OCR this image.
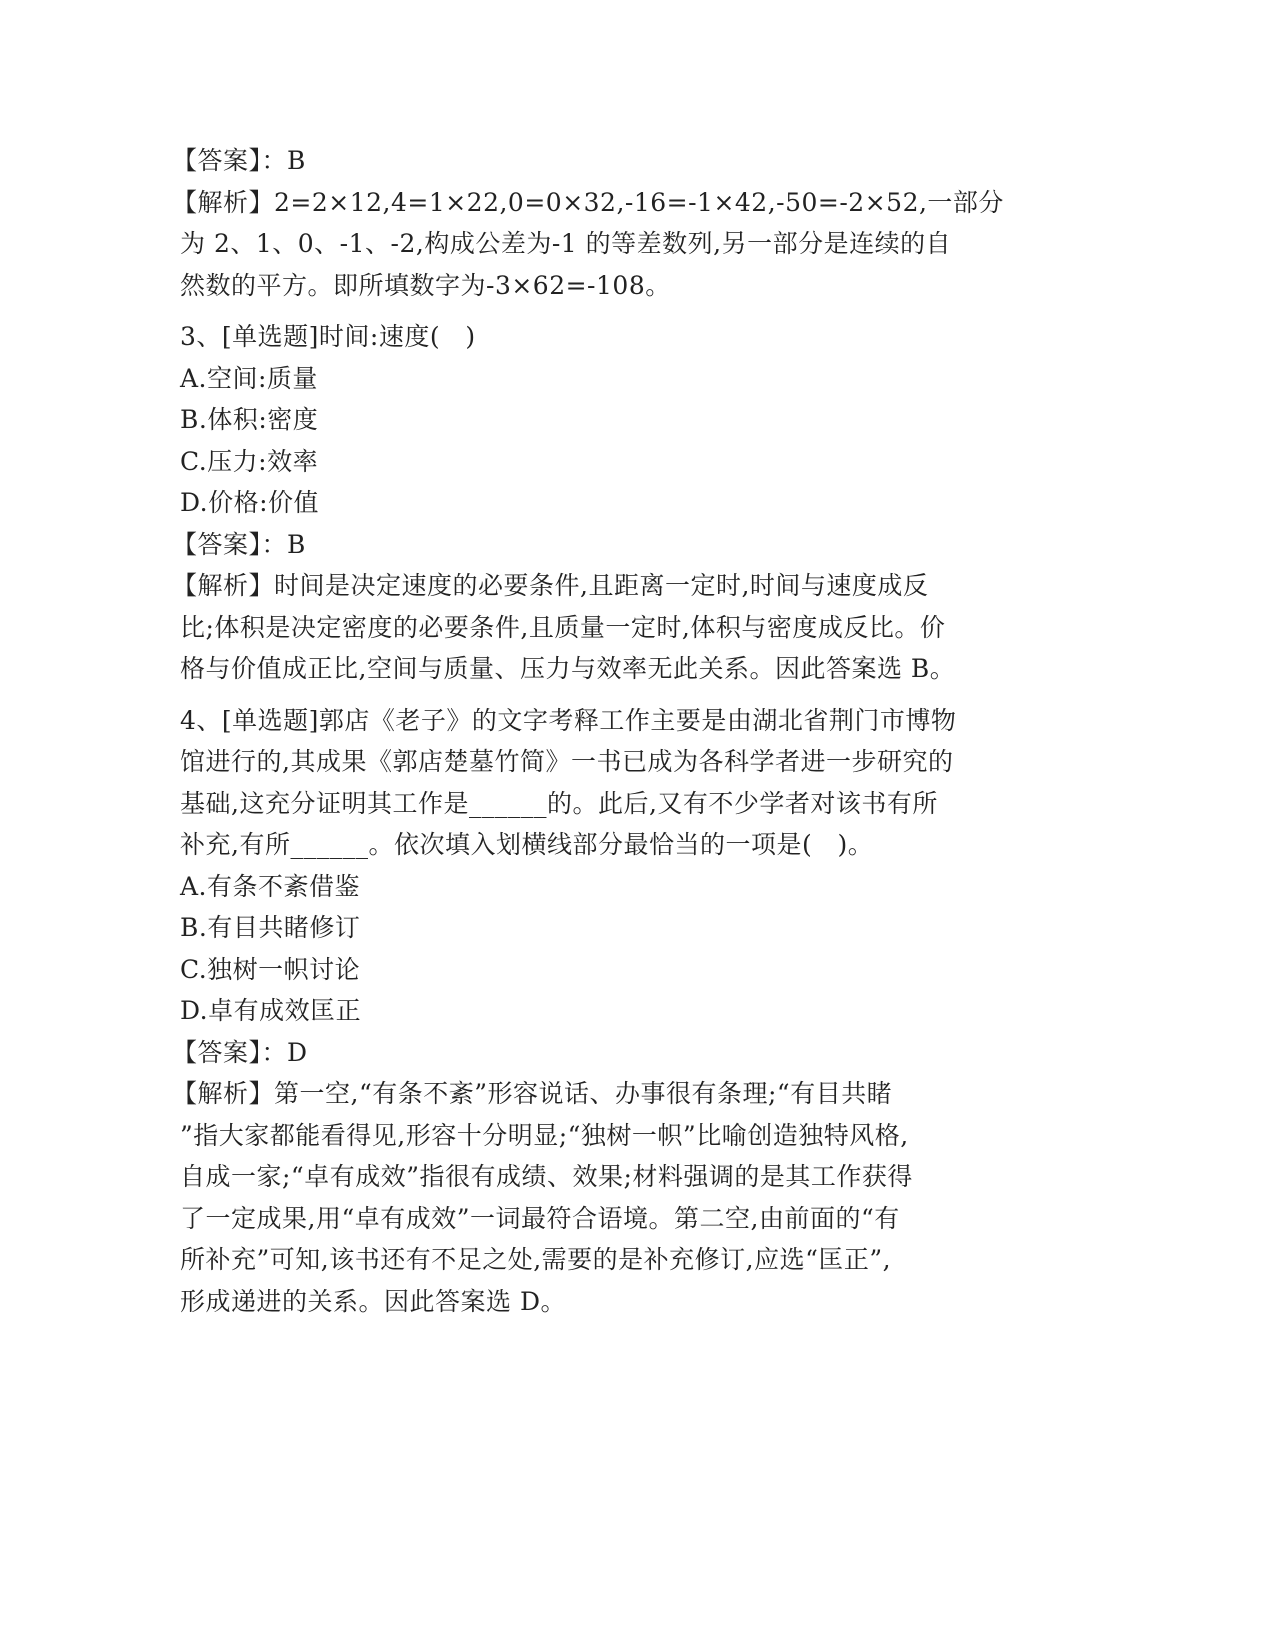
【答案】：B
【解析】2=2×12,4=1×22,0=0×32,-16=-1×42,-50=-2×52,一部分
为 2、1、0、-1、-2,构成公差为-1 的等差数列,另一部分是连续的自
然数的平方。即所填数字为-3×62=-108。
3、[单选题]时间:速度(   )
A.空间:质量
B.体积:密度
C.压力:效率
D.价格:价值
【答案】：B
【解析】时间是决定速度的必要条件,且距离一定时,时间与速度成反
比;体积是决定密度的必要条件,且质量一定时,体积与密度成反比。价
格与价值成正比,空间与质量、压力与效率无此关系。因此答案选 B。
4、[单选题]郭店《老子》的文字考释工作主要是由湖北省荆门市博物
馆进行的,其成果《郭店楚墓竹简》一书已成为各科学者进一步研究的
基础,这充分证明其工作是______的。此后,又有不少学者对该书有所
补充,有所______。依次填入划横线部分最恰当的一项是(   )。
A.有条不紊借鉴
B.有目共睹修订
C.独树一帜讨论
D.卓有成效匡正
【答案】：D
【解析】第一空,“有条不紊”形容说话、办事很有条理;“有目共睹
”指大家都能看得见,形容十分明显;“独树一帜”比喻创造独特风格,
自成一家;“卓有成效”指很有成绩、效果;材料强调的是其工作获得
了一定成果,用“卓有成效”一词最符合语境。第二空,由前面的“有
所补充”可知,该书还有不足之处,需要的是补充修订,应选“匡正”,
形成递进的关系。因此答案选 D。
